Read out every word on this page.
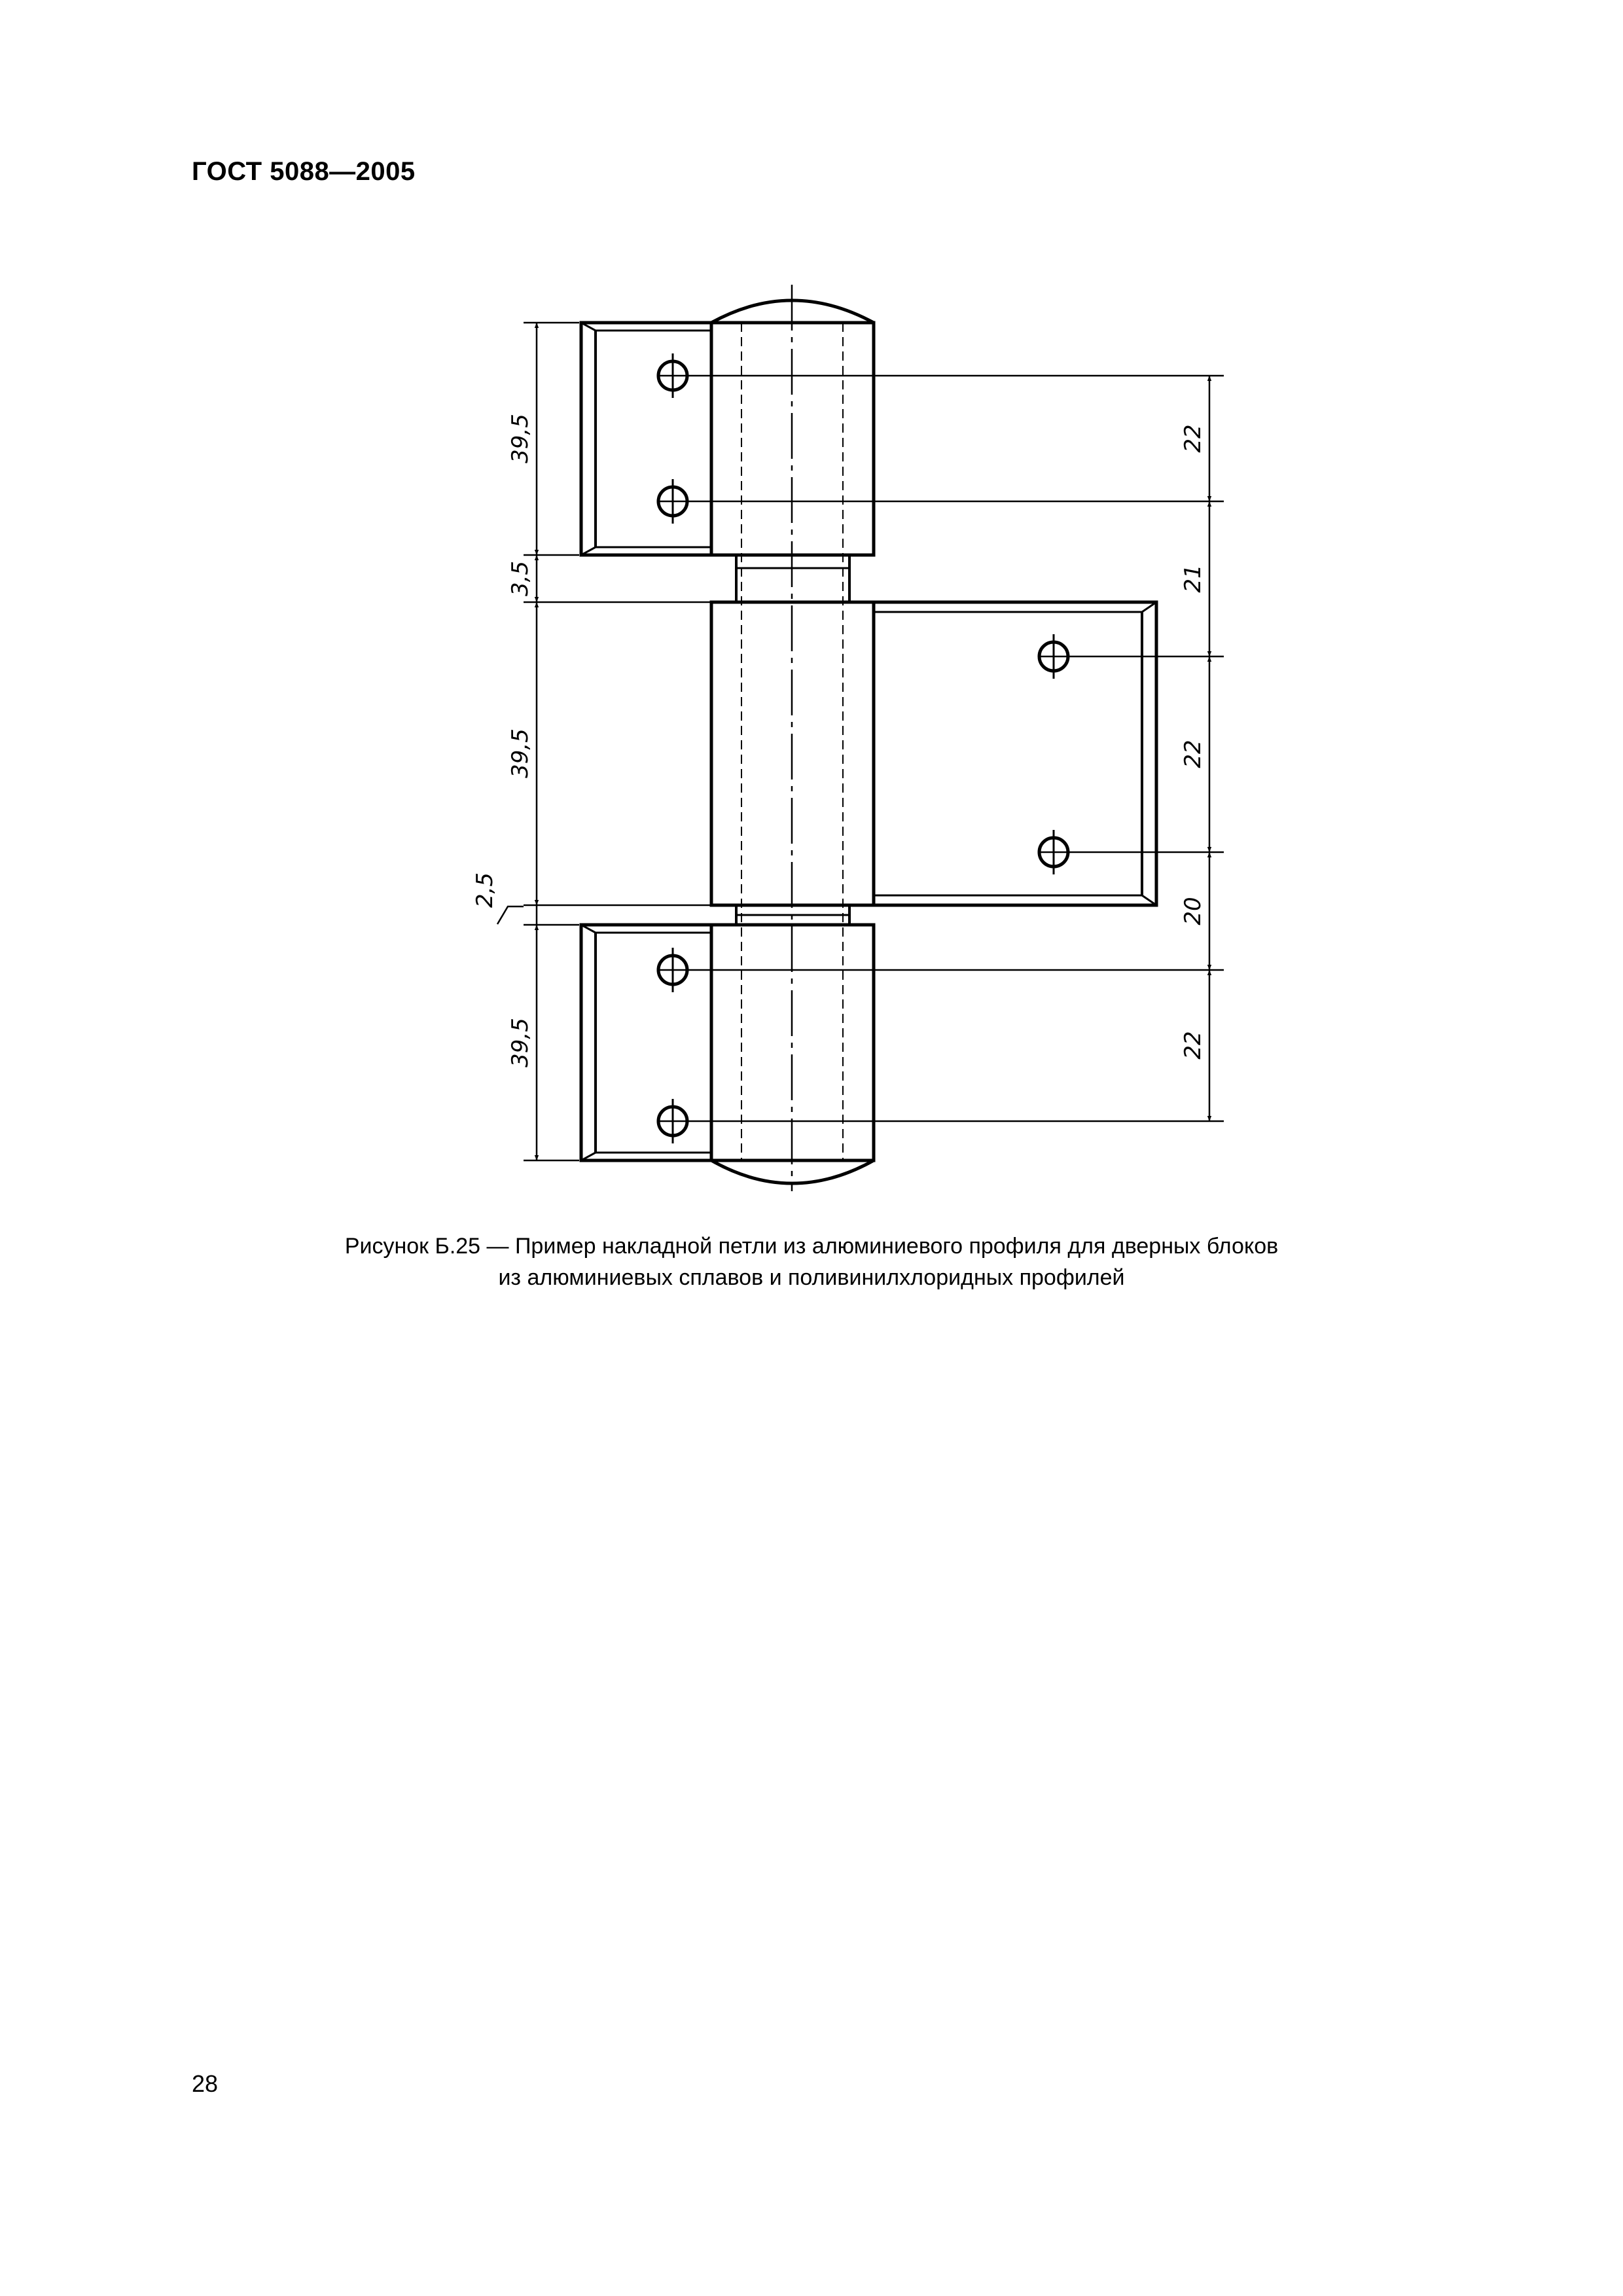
ГОСТ 5088—2005
39,5
3,5
39,5
2,5
39,5
22
21
22
20
22
Рисунок Б.25 — Пример накладной петли из алюминиевого профиля для дверных блоков
из алюминиевых сплавов и поливинилхлоридных профилей
28
